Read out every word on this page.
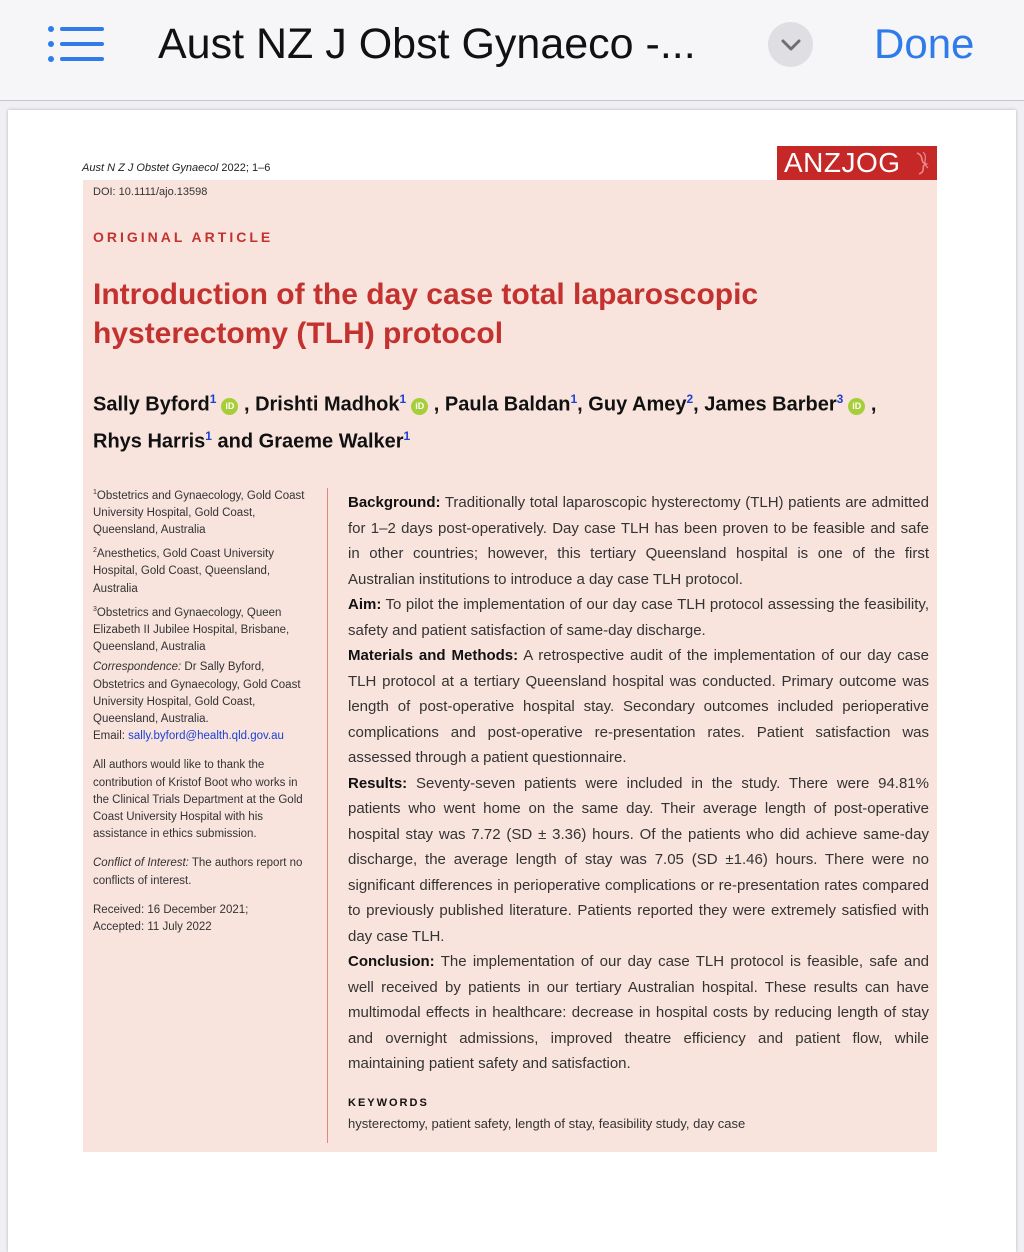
Aust NZ J Obst Gynaeco -...	Done
Aust N Z J Obstet Gynaecol 2022; 1–6	ANZJOG
DOI: 10.1111/ajo.13598
ORIGINAL ARTICLE
Introduction of the day case total laparoscopic hysterectomy (TLH) protocol
Sally Byford$^1$ iD , Drishti Madhok$^1$ iD , Paula Baldan$^1$, Guy Amey$^2$, James Barber$^3$ iD ,
Rhys Harris$^1$ and Graeme Walker$^1$

$^1$Obstetrics and Gynaecology, Gold Coast University Hospital, Gold Coast, Queensland, Australia

$^2$Anesthetics, Gold Coast University Hospital, Gold Coast, Queensland, Australia

$^3$Obstetrics and Gynaecology, Queen Elizabeth II Jubilee Hospital, Brisbane, Queensland, Australia

Correspondence: Dr Sally Byford, Obstetrics and Gynaecology, Gold Coast University Hospital, Gold Coast, Queensland, Australia.
Email: sally.byford@health.qld.gov.au

All authors would like to thank the contribution of Kristof Boot who works in the Clinical Trials Department at the Gold Coast University Hospital with his assistance in ethics submission.

Conflict of Interest: The authors report no conflicts of interest.

Received: 16 December 2021;
Accepted: 11 July 2022

Background: Traditionally total laparoscopic hysterectomy (TLH) patients are admitted for 1–2 days post-operatively. Day case TLH has been proven to be feasible and safe in other countries; however, this tertiary Queensland hospital is one of the first Australian institutions to introduce a day case TLH protocol.

Aim: To pilot the implementation of our day case TLH protocol assessing the feasibility, safety and patient satisfaction of same-day discharge.

Materials and Methods: A retrospective audit of the implementation of our day case TLH protocol at a tertiary Queensland hospital was conducted. Primary outcome was length of post-operative hospital stay. Secondary outcomes included perioperative complications and post-operative re-presentation rates. Patient satisfaction was assessed through a patient questionnaire.

Results: Seventy-seven patients were included in the study. There were 94.81% patients who went home on the same day. Their average length of post-operative hospital stay was 7.72 (SD ± 3.36) hours. Of the patients who did achieve same-day discharge, the average length of stay was 7.05 (SD ±1.46) hours. There were no significant differences in perioperative complications or re-presentation rates compared to previously published literature. Patients reported they were extremely satisfied with day case TLH.

Conclusion: The implementation of our day case TLH protocol is feasible, safe and well received by patients in our tertiary Australian hospital. These results can have multimodal effects in healthcare: decrease in hospital costs by reducing length of stay and overnight admissions, improved theatre efficiency and patient flow, while maintaining patient safety and satisfaction.

KEYWORDS
hysterectomy, patient safety, length of stay, feasibility study, day case
